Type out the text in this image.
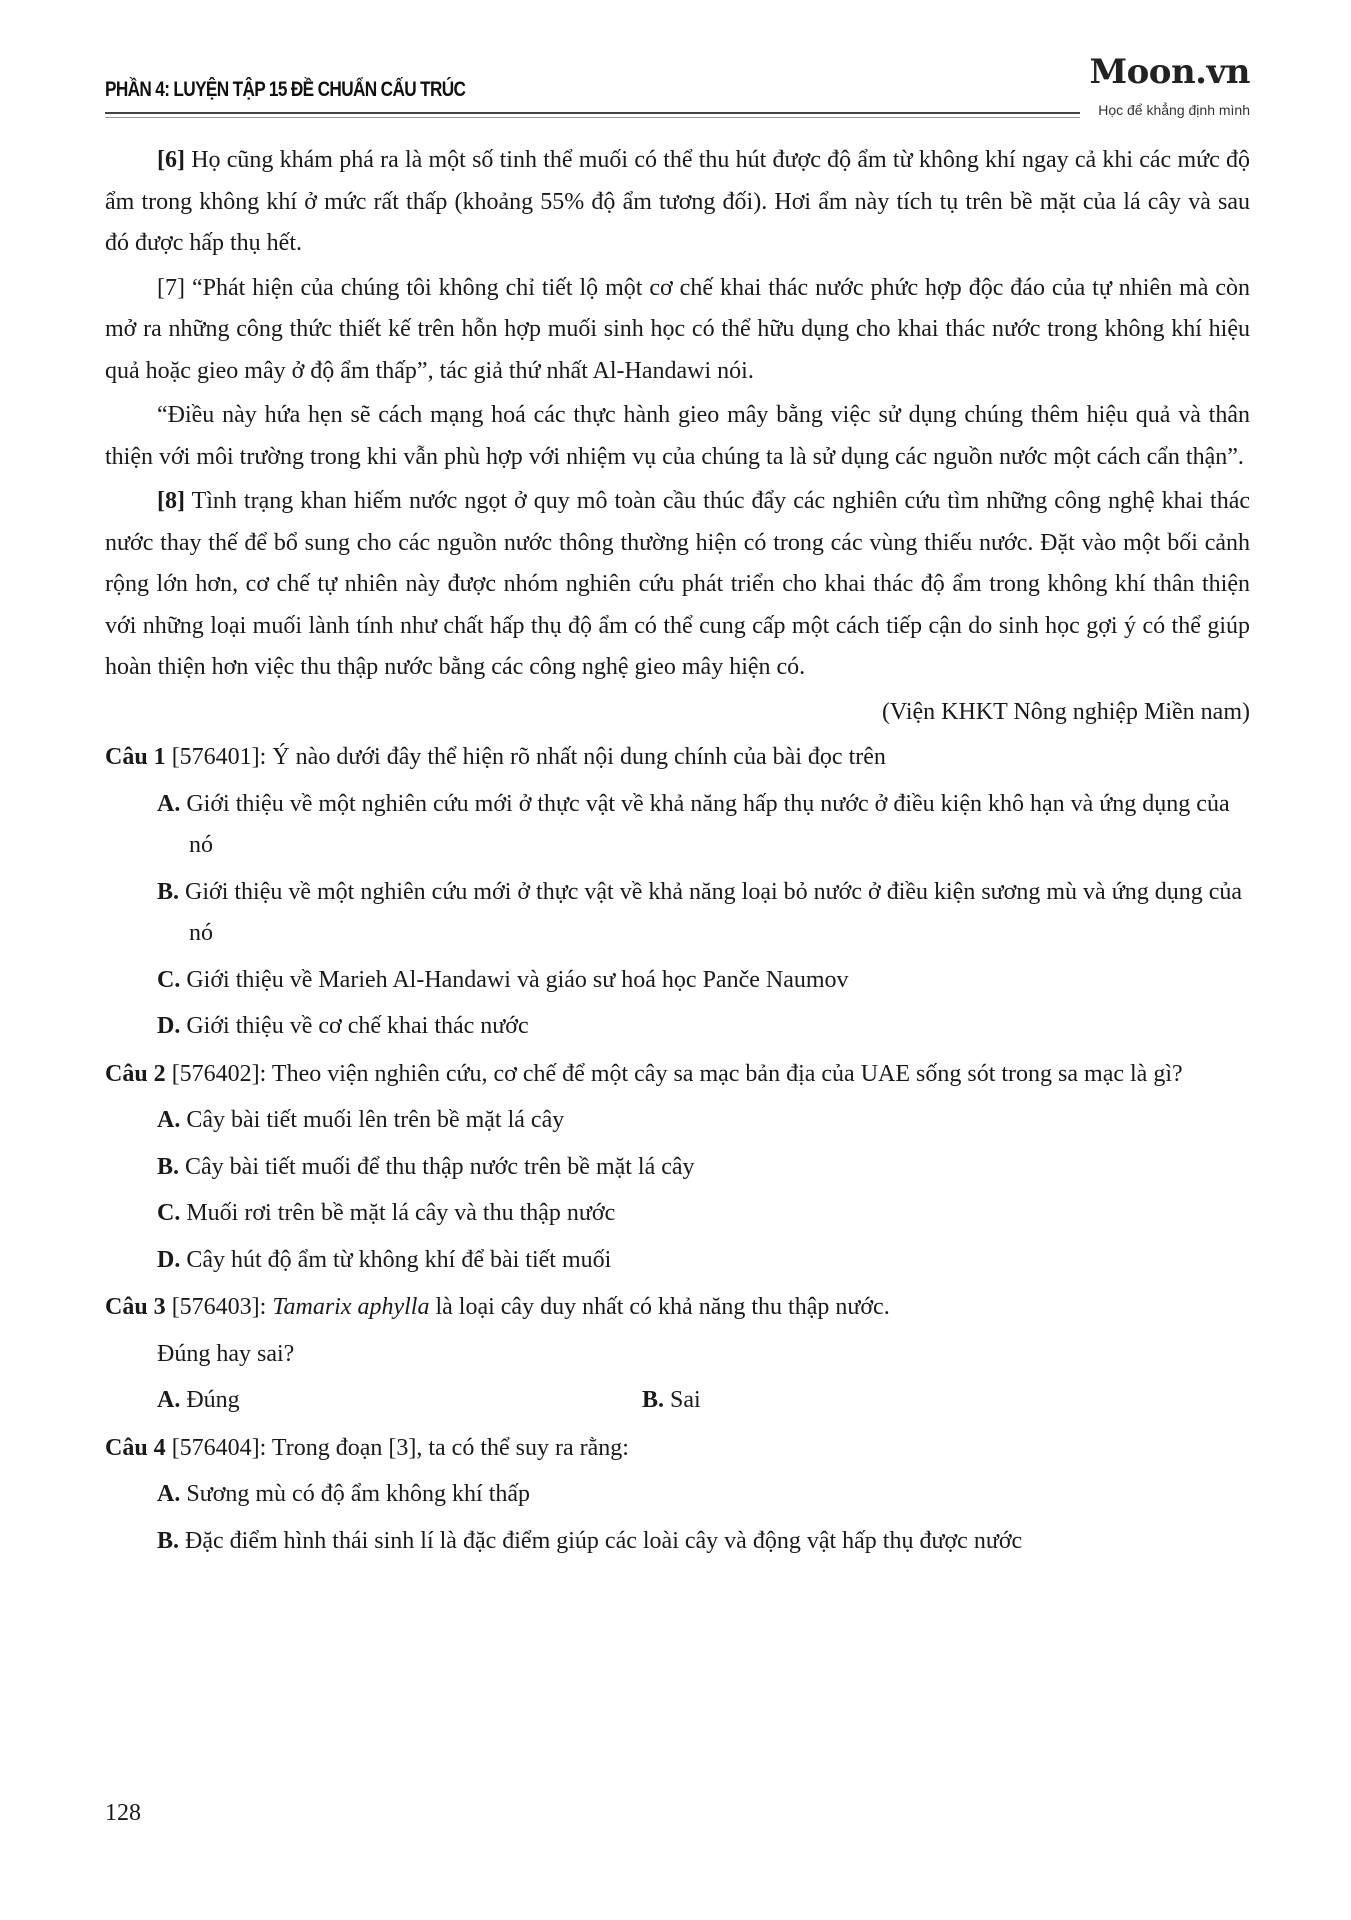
PHẦN 4: LUYỆN TẬP 15 ĐỀ CHUẨN CẤU TRÚC	Moon.vn
Học để khẳng định mình

[6] Họ cũng khám phá ra là một số tinh thể muối có thể thu hút được độ ẩm từ không khí ngay cả khi các mức độ ẩm trong không khí ở mức rất thấp (khoảng 55% độ ẩm tương đối). Hơi ẩm này tích tụ trên bề mặt của lá cây và sau đó được hấp thụ hết.

[7] “Phát hiện của chúng tôi không chỉ tiết lộ một cơ chế khai thác nước phức hợp độc đáo của tự nhiên mà còn mở ra những công thức thiết kế trên hỗn hợp muối sinh học có thể hữu dụng cho khai thác nước trong không khí hiệu quả hoặc gieo mây ở độ ẩm thấp”, tác giả thứ nhất Al-Handawi nói.

“Điều này hứa hẹn sẽ cách mạng hoá các thực hành gieo mây bằng việc sử dụng chúng thêm hiệu quả và thân thiện với môi trường trong khi vẫn phù hợp với nhiệm vụ của chúng ta là sử dụng các nguồn nước một cách cẩn thận”.

[8] Tình trạng khan hiếm nước ngọt ở quy mô toàn cầu thúc đẩy các nghiên cứu tìm những công nghệ khai thác nước thay thế để bổ sung cho các nguồn nước thông thường hiện có trong các vùng thiếu nước. Đặt vào một bối cảnh rộng lớn hơn, cơ chế tự nhiên này được nhóm nghiên cứu phát triển cho khai thác độ ẩm trong không khí thân thiện với những loại muối lành tính như chất hấp thụ độ ẩm có thể cung cấp một cách tiếp cận do sinh học gợi ý có thể giúp hoàn thiện hơn việc thu thập nước bằng các công nghệ gieo mây hiện có.

(Viện KHKT Nông nghiệp Miền nam)

Câu 1 [576401]: Ý nào dưới đây thể hiện rõ nhất nội dung chính của bài đọc trên

A. Giới thiệu về một nghiên cứu mới ở thực vật về khả năng hấp thụ nước ở điều kiện khô hạn và ứng dụng của nó

B. Giới thiệu về một nghiên cứu mới ở thực vật về khả năng loại bỏ nước ở điều kiện sương mù và ứng dụng của nó

C. Giới thiệu về Marieh Al-Handawi và giáo sư hoá học Pančе Naumov

D. Giới thiệu về cơ chế khai thác nước

Câu 2 [576402]: Theo viện nghiên cứu, cơ chế để một cây sa mạc bản địa của UAE sống sót trong sa mạc là gì?

A. Cây bài tiết muối lên trên bề mặt lá cây

B. Cây bài tiết muối để thu thập nước trên bề mặt lá cây

C. Muối rơi trên bề mặt lá cây và thu thập nước

D. Cây hút độ ẩm từ không khí để bài tiết muối

Câu 3 [576403]: Tamarix aphylla là loại cây duy nhất có khả năng thu thập nước.

Đúng hay sai?

A. Đúng	B. Sai

Câu 4 [576404]: Trong đoạn [3], ta có thể suy ra rằng:

A. Sương mù có độ ẩm không khí thấp

B. Đặc điểm hình thái sinh lí là đặc điểm giúp các loài cây và động vật hấp thụ được nước

128
